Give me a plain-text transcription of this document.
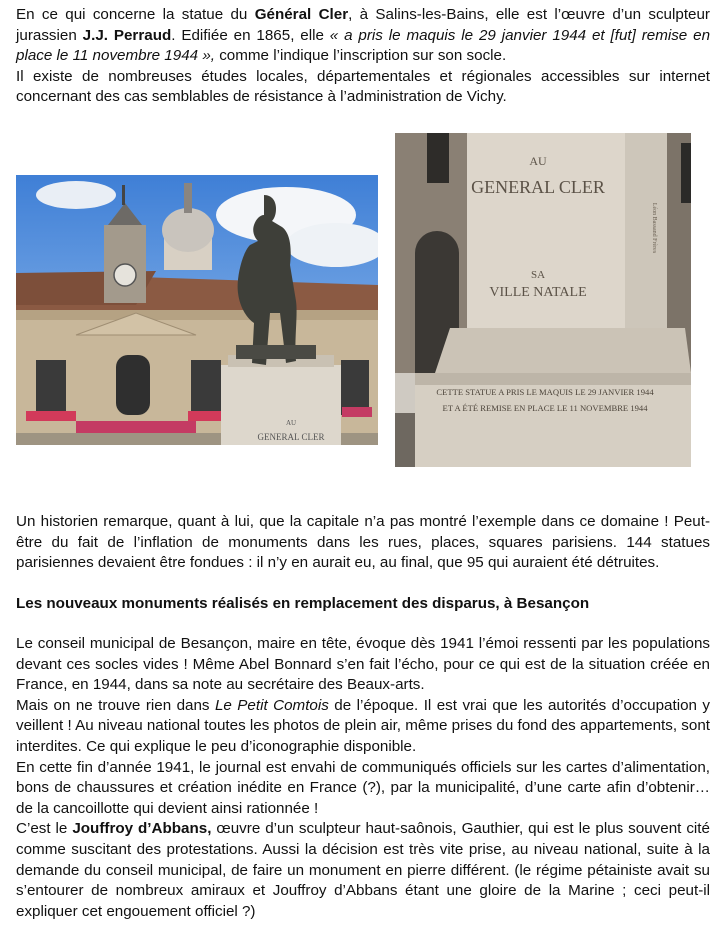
En ce qui concerne la statue du Général Cler, à Salins-les-Bains, elle est l’œuvre d’un sculpteur jurassien J.J. Perraud. Edifiée en 1865, elle « a pris le maquis le 29 janvier 1944 et [fut] remise en place le 11 novembre 1944 », comme l’indique l’inscription sur son socle.
Il existe de nombreuses études locales, départementales et régionales accessibles sur internet concernant des cas semblables de résistance à l’administration de Vichy.

AU
GENERAL CLER
AU
GENERAL CLER
SA
VILLE NATALE
Léon Bassand Frères
CETTE STATUE A PRIS LE MAQUIS LE 29 JANVIER 1944
ET A ÉTÉ REMISE EN PLACE LE 11 NOVEMBRE 1944

Un historien remarque, quant à lui, que la capitale n’a pas montré l’exemple dans ce domaine ! Peut-être du fait de l’inflation de monuments dans les rues, places, squares parisiens. 144 statues parisiennes devaient être fondues : il n’y en aurait eu, au final, que 95 qui auraient été détruites.

Les nouveaux monuments réalisés en remplacement des disparus, à Besançon

Le conseil municipal de Besançon, maire en tête, évoque dès 1941 l’émoi ressenti par les populations devant ces socles vides ! Même Abel Bonnard s’en fait l’écho, pour ce qui est de la situation créée en France, en 1944, dans sa note au secrétaire des Beaux-arts.
Mais on ne trouve rien dans Le Petit Comtois de l’époque. Il est vrai que les autorités d’occupation y veillent ! Au niveau national toutes les photos de plein air, même prises du fond des appartements, sont interdites. Ce qui explique le peu d’iconographie disponible.
En cette fin d’année 1941, le journal est envahi de communiqués officiels sur les cartes d’alimentation, bons de chaussures et création inédite en France (?), par la municipalité, d’une carte afin d’obtenir… de la cancoillotte qui devient ainsi rationnée !
C’est le Jouffroy d’Abbans, œuvre d’un sculpteur haut-saônois, Gauthier, qui est le plus souvent cité comme suscitant des protestations. Aussi la décision est très vite prise, au niveau national, suite à la demande du conseil municipal, de faire un monument en pierre différent. (le régime pétainiste avait su s’entourer de nombreux amiraux et Jouffroy d’Abbans étant une gloire de la Marine ; ceci peut-il expliquer cet engouement officiel ?)
